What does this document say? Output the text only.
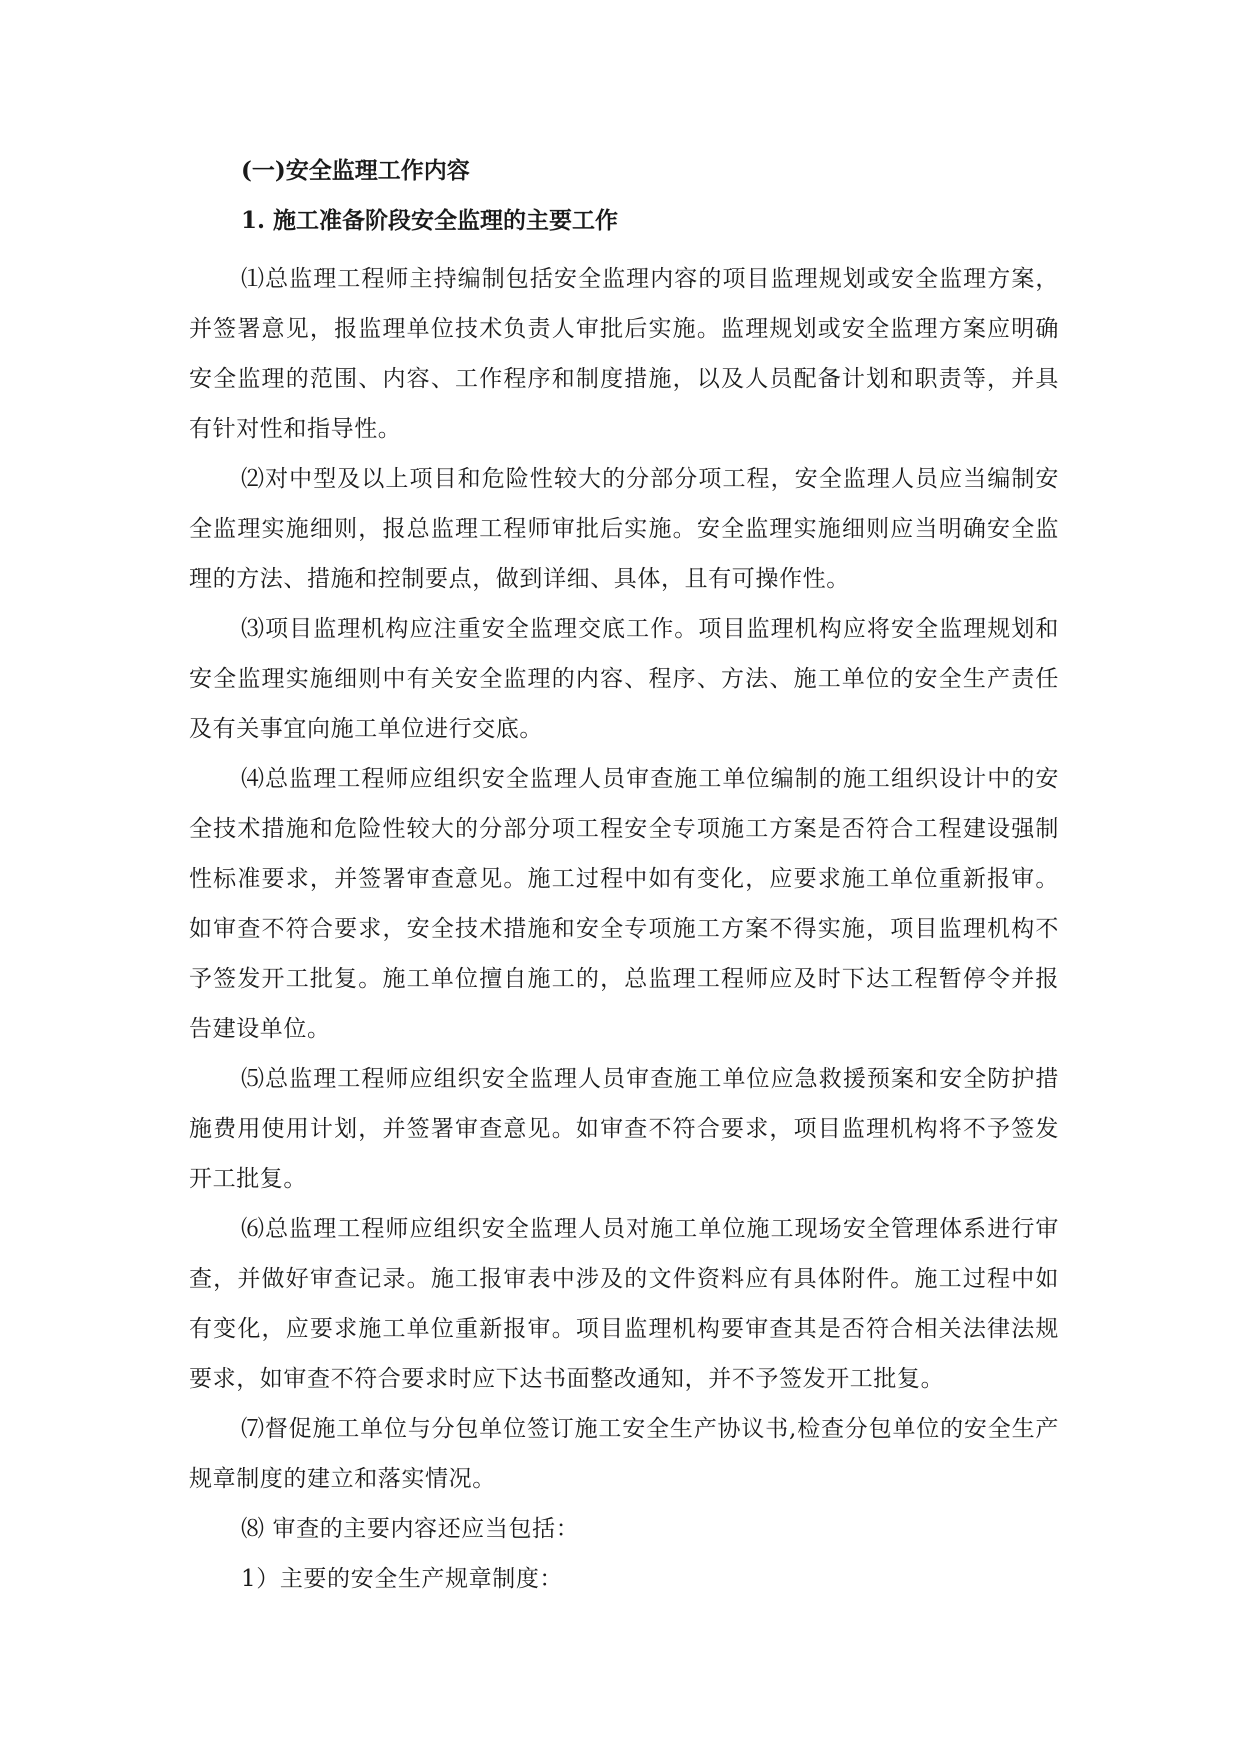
(一)安全监理工作内容
1. 施工准备阶段安全监理的主要工作

⑴总监理工程师主持编制包括安全监理内容的项目监理规划或安全监理方案，并签署意见，报监理单位技术负责人审批后实施。监理规划或安全监理方案应明确安全监理的范围、内容、工作程序和制度措施，以及人员配备计划和职责等，并具有针对性和指导性。

⑵对中型及以上项目和危险性较大的分部分项工程，安全监理人员应当编制安全监理实施细则，报总监理工程师审批后实施。安全监理实施细则应当明确安全监理的方法、措施和控制要点，做到详细、具体，且有可操作性。

⑶项目监理机构应注重安全监理交底工作。项目监理机构应将安全监理规划和安全监理实施细则中有关安全监理的内容、程序、方法、施工单位的安全生产责任及有关事宜向施工单位进行交底。

⑷总监理工程师应组织安全监理人员审查施工单位编制的施工组织设计中的安全技术措施和危险性较大的分部分项工程安全专项施工方案是否符合工程建设强制性标准要求，并签署审查意见。施工过程中如有变化，应要求施工单位重新报审。如审查不符合要求，安全技术措施和安全专项施工方案不得实施，项目监理机构不予签发开工批复。施工单位擅自施工的，总监理工程师应及时下达工程暂停令并报告建设单位。

⑸总监理工程师应组织安全监理人员审查施工单位应急救援预案和安全防护措施费用使用计划，并签署审查意见。如审查不符合要求，项目监理机构将不予签发开工批复。

⑹总监理工程师应组织安全监理人员对施工单位施工现场安全管理体系进行审查，并做好审查记录。施工报审表中涉及的文件资料应有具体附件。施工过程中如有变化，应要求施工单位重新报审。项目监理机构要审查其是否符合相关法律法规要求，如审查不符合要求时应下达书面整改通知，并不予签发开工批复。

⑺督促施工单位与分包单位签订施工安全生产协议书,检查分包单位的安全生产规章制度的建立和落实情况。

⑻ 审查的主要内容还应当包括：

1）主要的安全生产规章制度：
